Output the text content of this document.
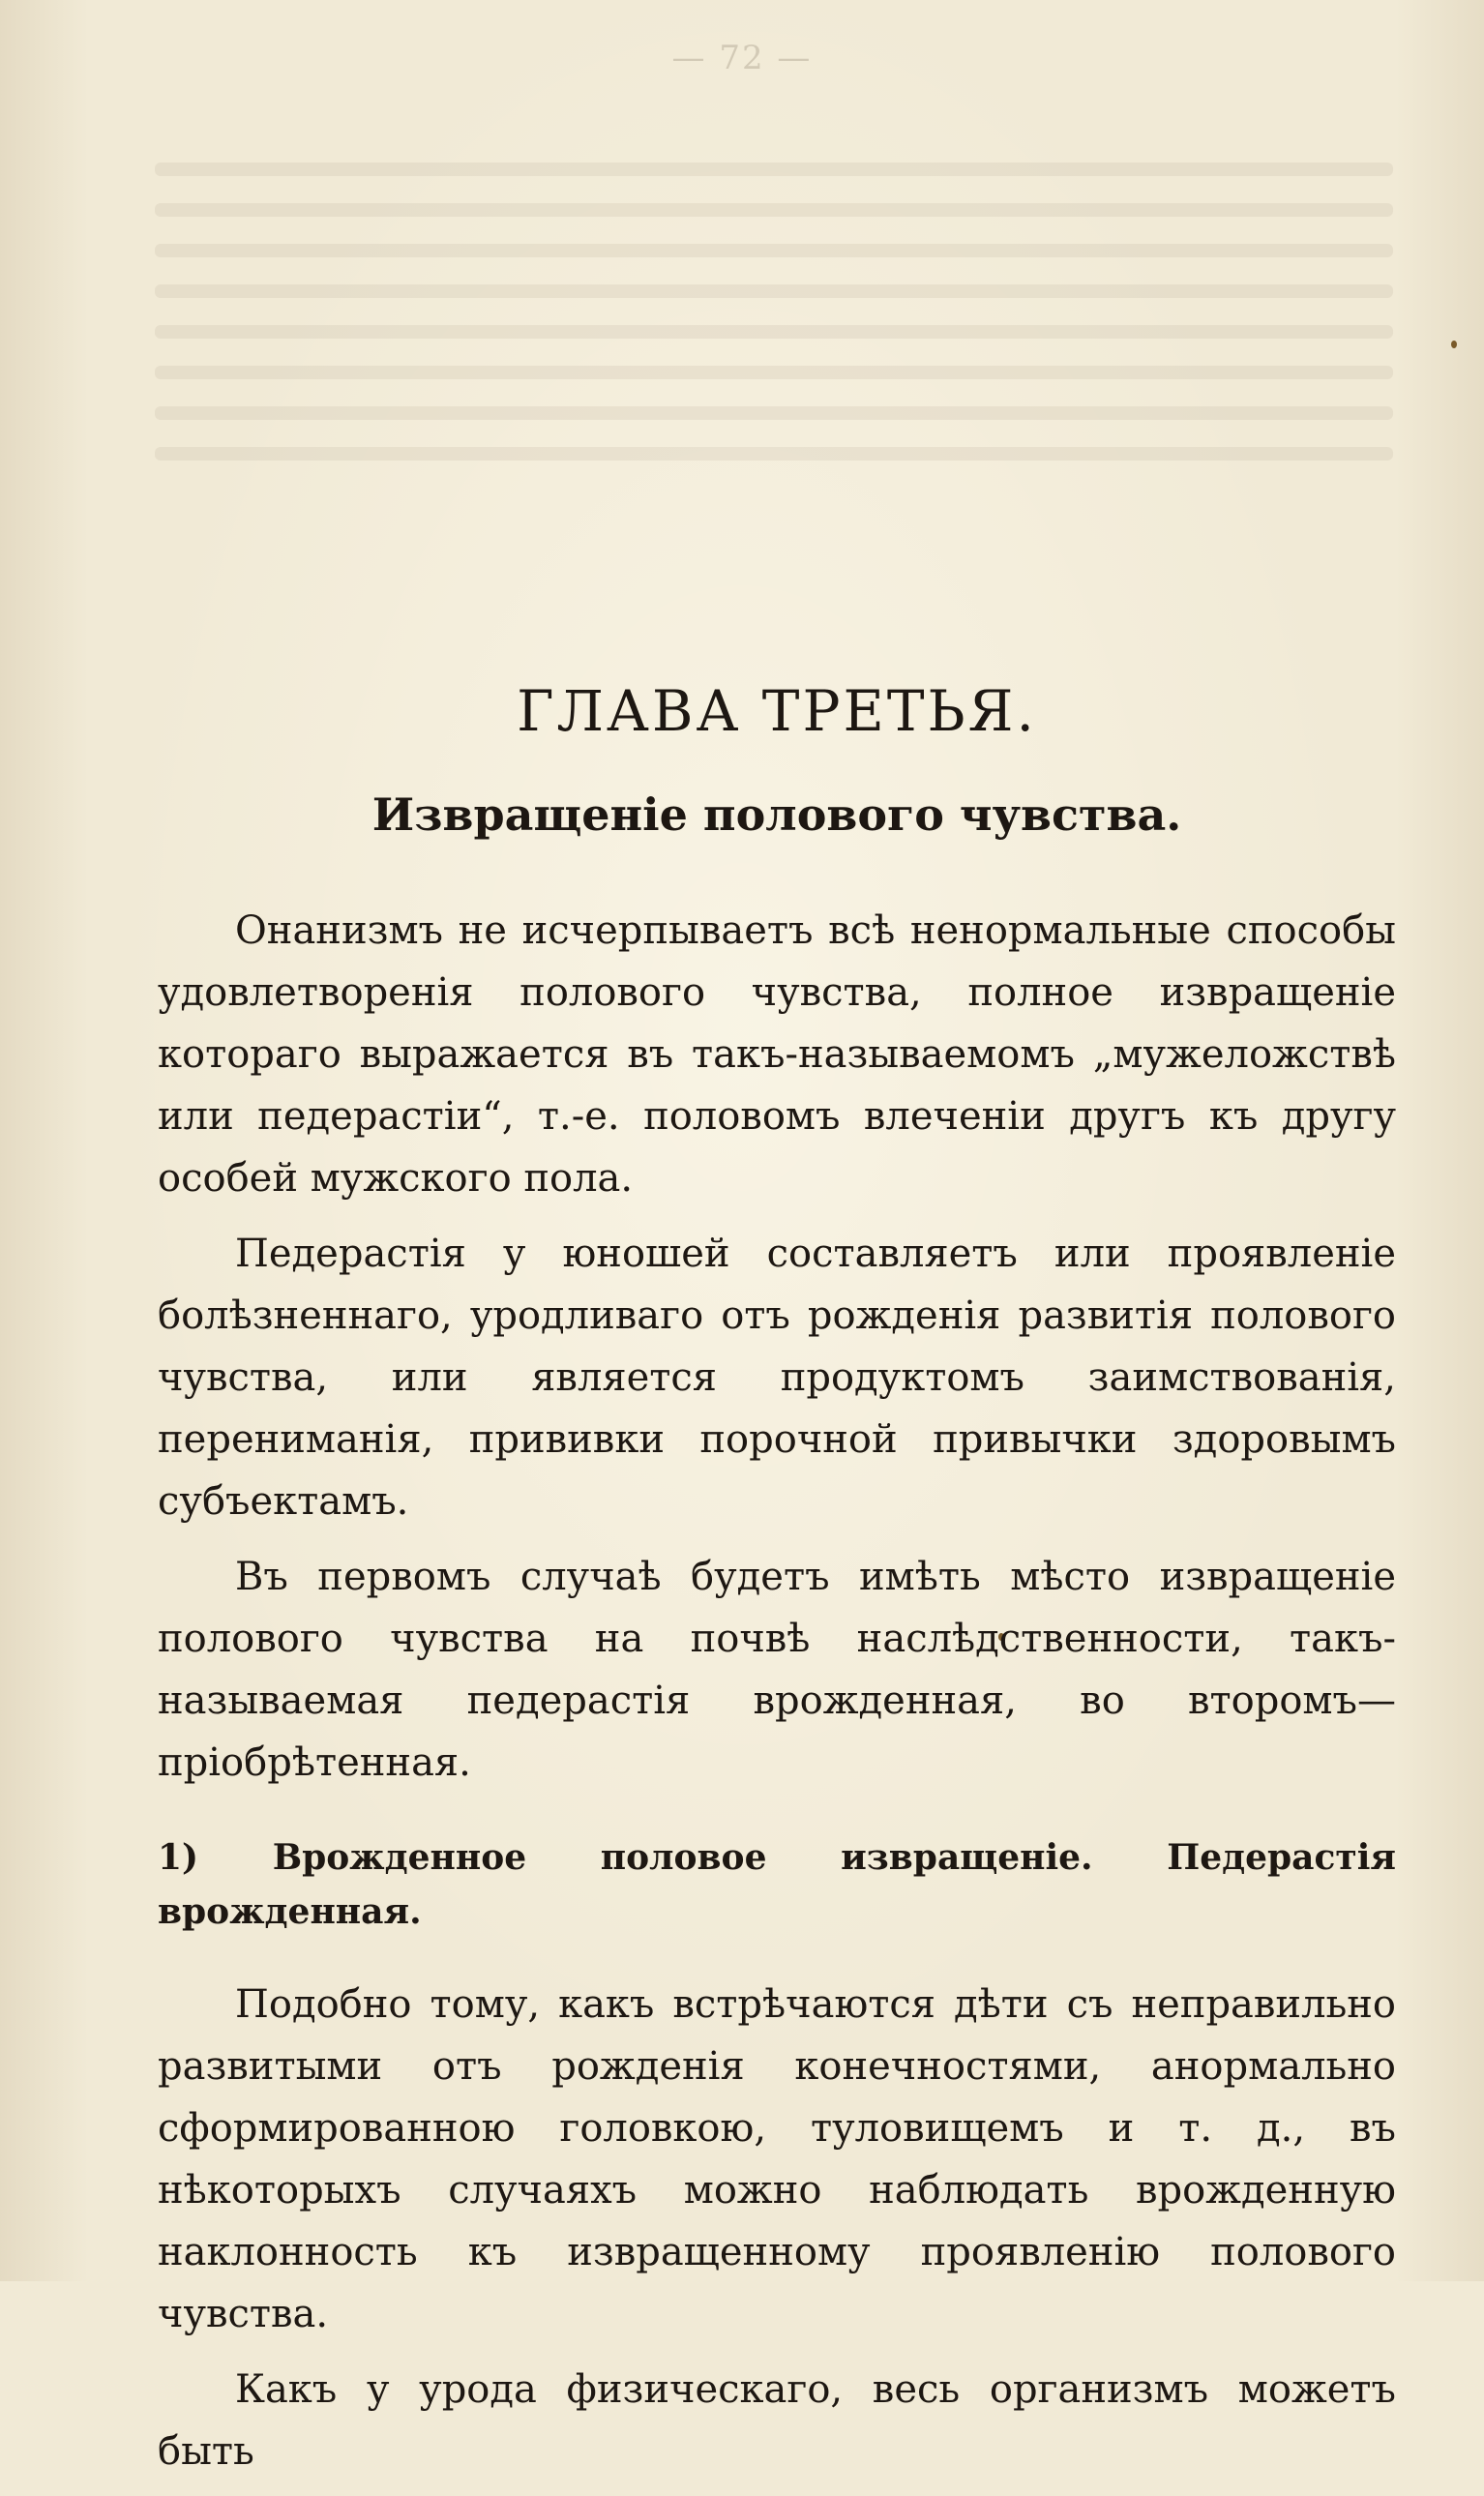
— 72 —
ГЛАВА ТРЕТЬЯ.
Извращеніе полового чувства.

Онанизмъ не исчерпываетъ всѣ ненормальные способы удовлетворенія полового чувства, полное извращеніе котораго выражается въ такъ-называемомъ „мужеложствѣ или педерастіи“, т.-е. половомъ влеченіи другъ къ другу особей мужского пола.

Педерастія у юношей составляетъ или проявленіе болѣзненнаго, уродливаго отъ рожденія развитія полового чувства, или является продуктомъ заимствованія, перениманія, прививки порочной привычки здоровымъ субъектамъ.

Въ первомъ случаѣ будетъ имѣть мѣсто извращеніе полового чувства на почвѣ наслѣдственности, такъ-называемая педерастія врожденная, во второмъ—пріобрѣтенная.

1) Врожденное половое извращеніе. Педерастія врожденная.

Подобно тому, какъ встрѣчаются дѣти съ неправильно развитыми отъ рожденія конечностями, анормально сформированною головкою, туловищемъ и т. д., въ нѣкоторыхъ случаяхъ можно наблюдать врожденную наклонность къ извращенному проявленію полового чувства.

Какъ у урода физическаго, весь организмъ можетъ быть
